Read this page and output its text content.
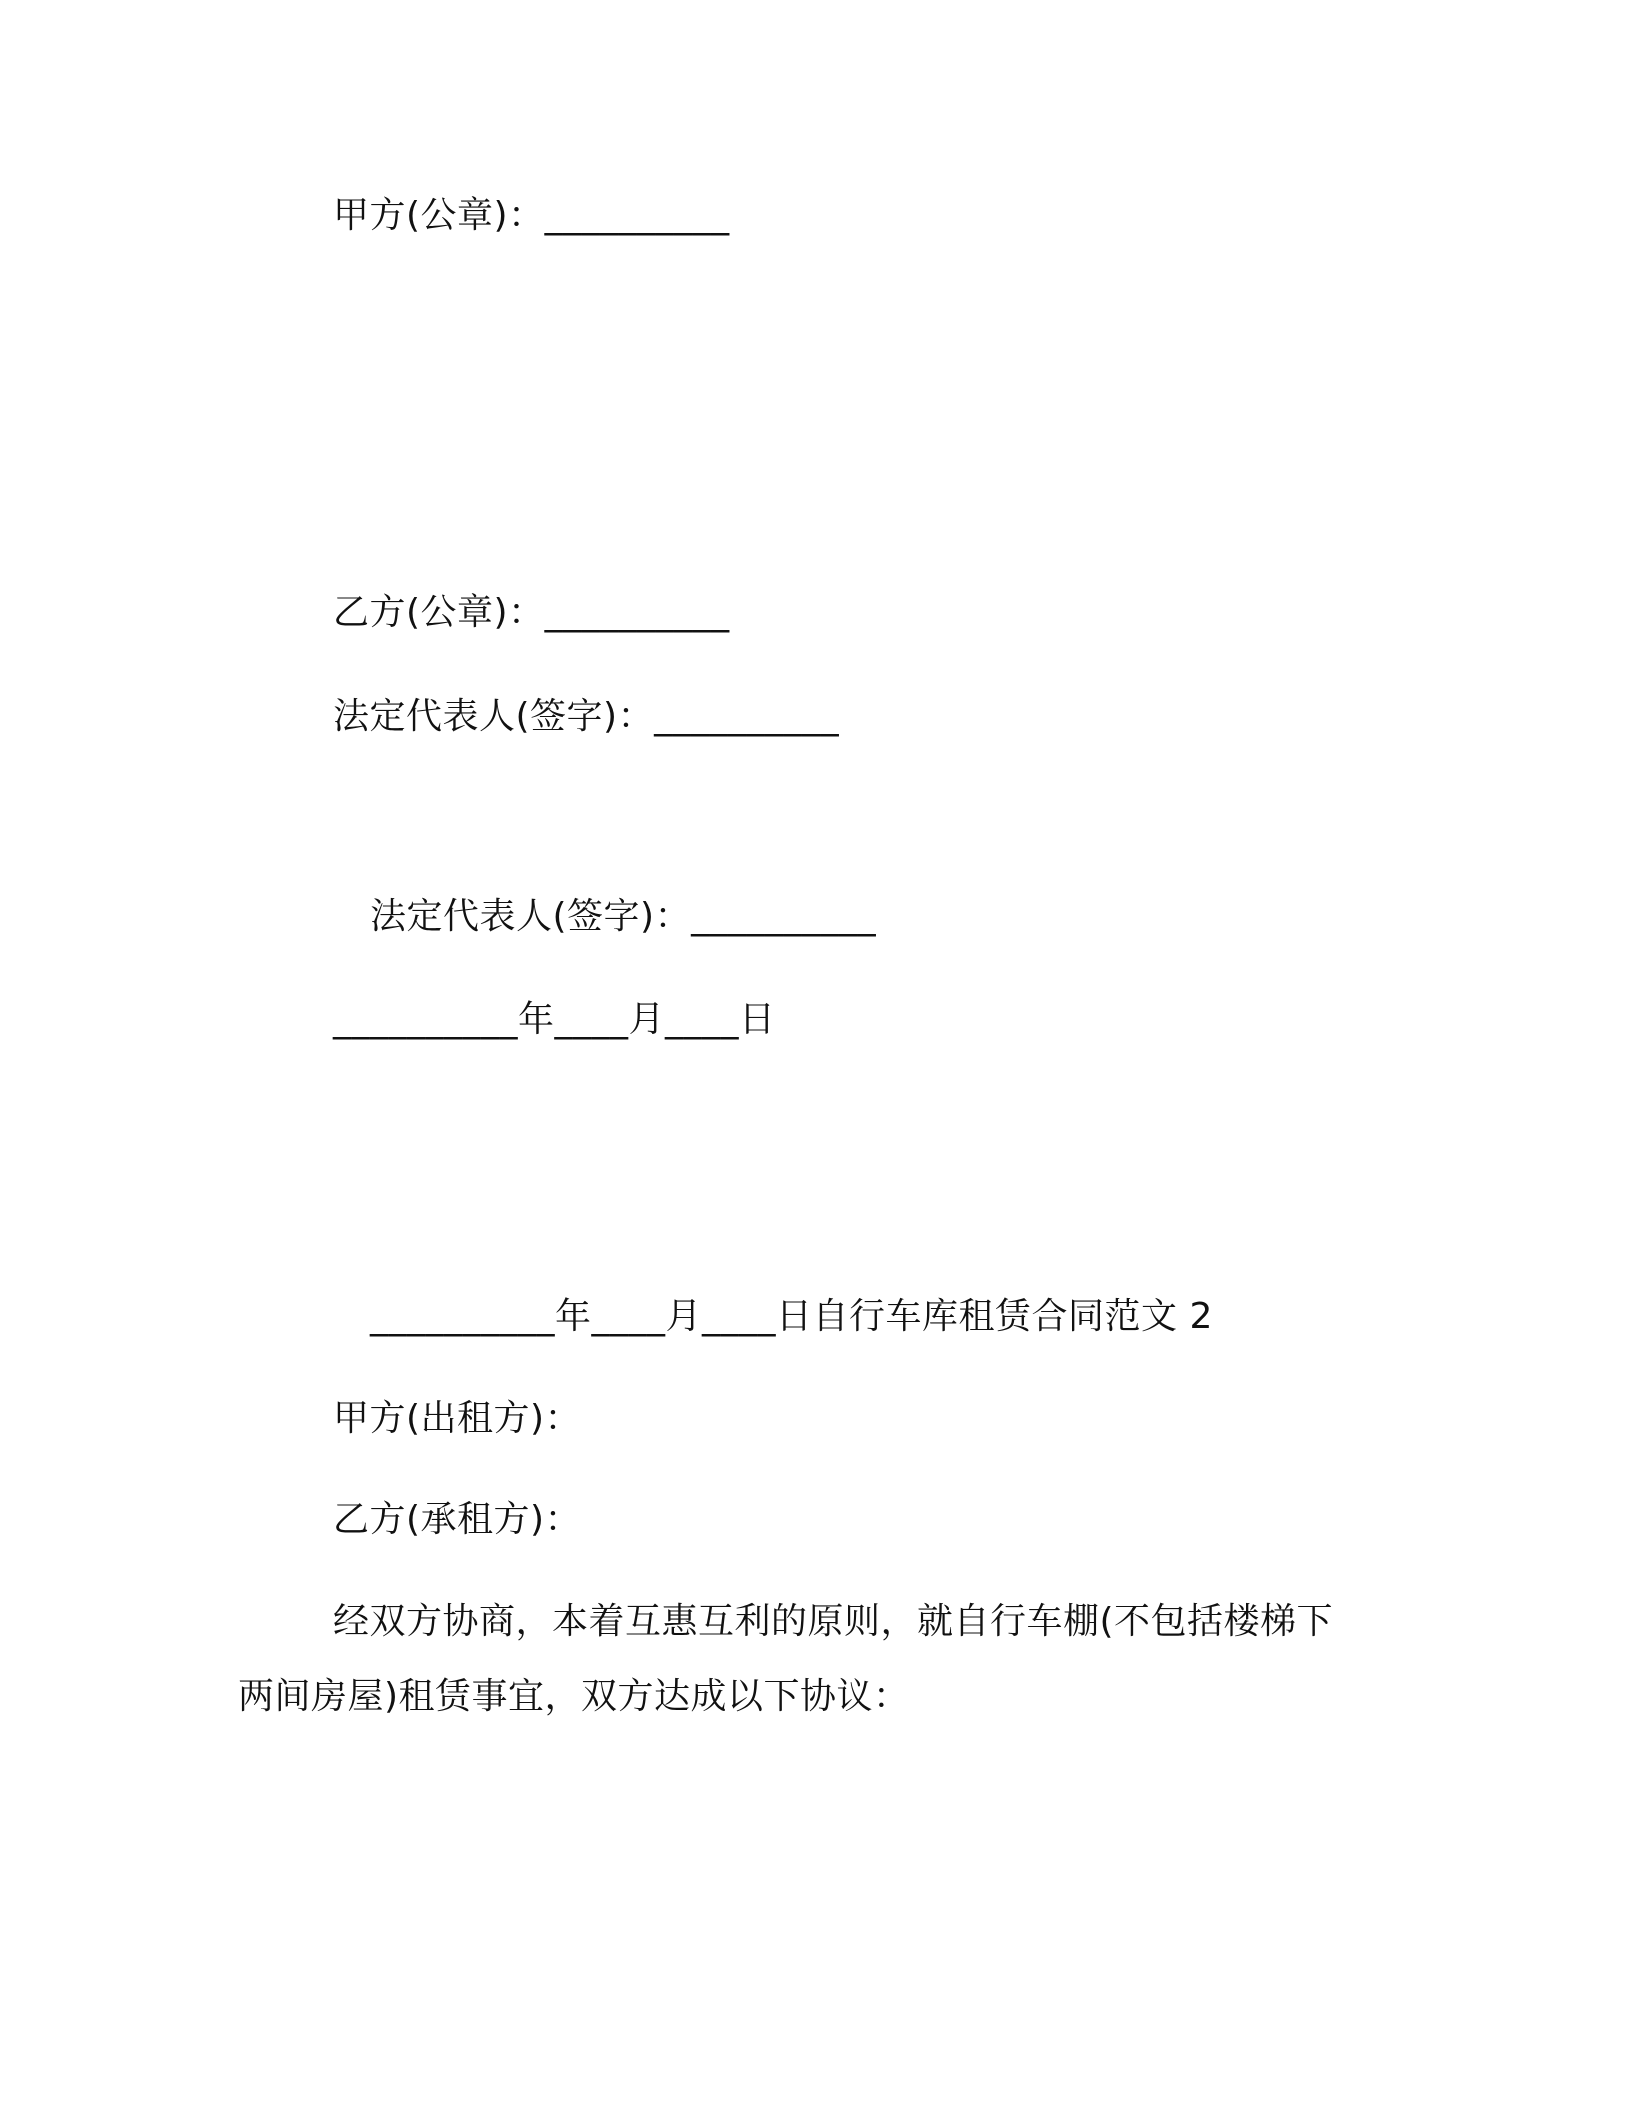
甲方(公章)：__________
乙方(公章)：__________
法定代表人(签字)：__________
法定代表人(签字)：__________
__________年____月____日
__________年____月____日自行车库租赁合同范文 2
甲方(出租方)：
乙方(承租方)：
经双方协商，本着互惠互利的原则，就自行车棚(不包括楼梯下
两间房屋)租赁事宜，双方达成以下协议：
